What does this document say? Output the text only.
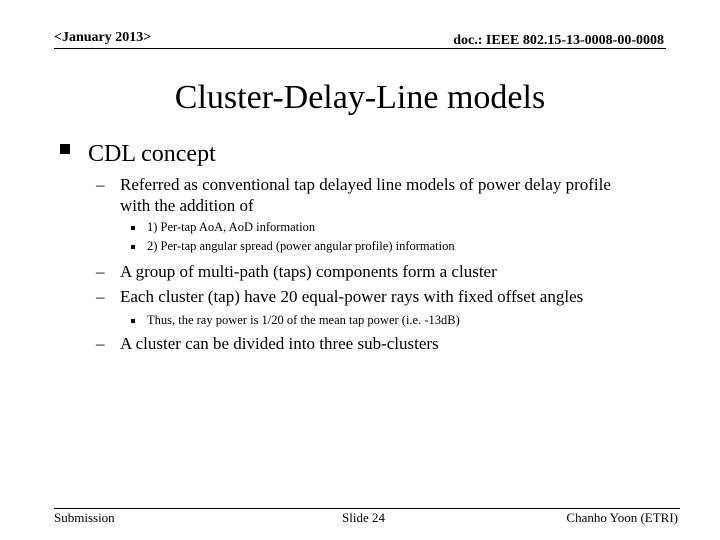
<January 2013>	doc.: IEEE 802.15-13-0008-00-0008
Cluster-Delay-Line models
CDL concept
– Referred as conventional tap delayed line models of power delay profile
with the addition of
1) Per-tap AoA, AoD information
2) Per-tap angular spread (power angular profile) information
– A group of multi-path (taps) components form a cluster
– Each cluster (tap) have 20 equal-power rays with fixed offset angles
Thus, the ray power is 1/20 of the mean tap power (i.e. -13dB)
– A cluster can be divided into three sub-clusters
Submission	Slide 24	Chanho Yoon (ETRI)
